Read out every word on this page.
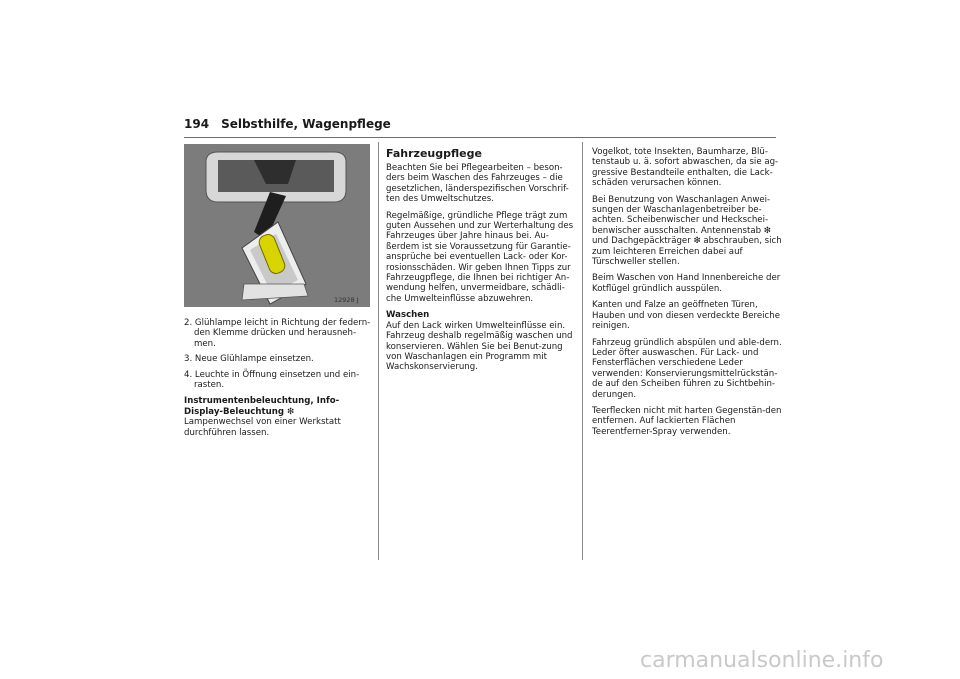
194 Selbsthilfe, Wagenpflege
12928 J
2. Glühlampe leicht in Richtung der federn-den Klemme drücken und herausneh-men.
3. Neue Glühlampe einsetzen.
4. Leuchte in Öffnung einsetzen und ein-rasten.
Instrumentenbeleuchtung, Info-Display-Beleuchtung ❇

Lampenwechsel von einer Werkstatt durchführen lassen.

Fahrzeugpflege

Beachten Sie bei Pflegearbeiten – beson-ders beim Waschen des Fahrzeuges – die gesetzlichen, länderspezifischen Vorschrif-ten des Umweltschutzes.

Regelmäßige, gründliche Pflege trägt zum guten Aussehen und zur Werterhaltung des Fahrzeuges über Jahre hinaus bei. Au-ßerdem ist sie Voraussetzung für Garantie-ansprüche bei eventuellen Lack- oder Kor-rosionsschäden. Wir geben Ihnen Tipps zur Fahrzeugpflege, die Ihnen bei richtiger An-wendung helfen, unvermeidbare, schädli-che Umwelteinflüsse abzuwehren.

Waschen

Auf den Lack wirken Umwelteinflüsse ein. Fahrzeug deshalb regelmäßig waschen und konservieren. Wählen Sie bei Benut-zung von Waschanlagen ein Programm mit Wachskonservierung.

Vogelkot, tote Insekten, Baumharze, Blü-tenstaub u. ä. sofort abwaschen, da sie ag-gressive Bestandteile enthalten, die Lack-schäden verursachen können.

Bei Benutzung von Waschanlagen Anwei-sungen der Waschanlagenbetreiber be-achten. Scheibenwischer und Heckschei-benwischer ausschalten. Antennenstab ❇ und Dachgepäckträger ❇ abschrauben, sich zum leichteren Erreichen dabei auf Türschweller stellen.

Beim Waschen von Hand Innenbereiche der Kotflügel gründlich ausspülen.

Kanten und Falze an geöffneten Türen, Hauben und von diesen verdeckte Bereiche reinigen.

Fahrzeug gründlich abspülen und able-dern. Leder öfter auswaschen. Für Lack- und Fensterflächen verschiedene Leder verwenden: Konservierungsmittelrückstän-de auf den Scheiben führen zu Sichtbehin-derungen.

Teerflecken nicht mit harten Gegenstän-den entfernen. Auf lackierten Flächen Teerentferner-Spray verwenden.

carmanualsonline.info
